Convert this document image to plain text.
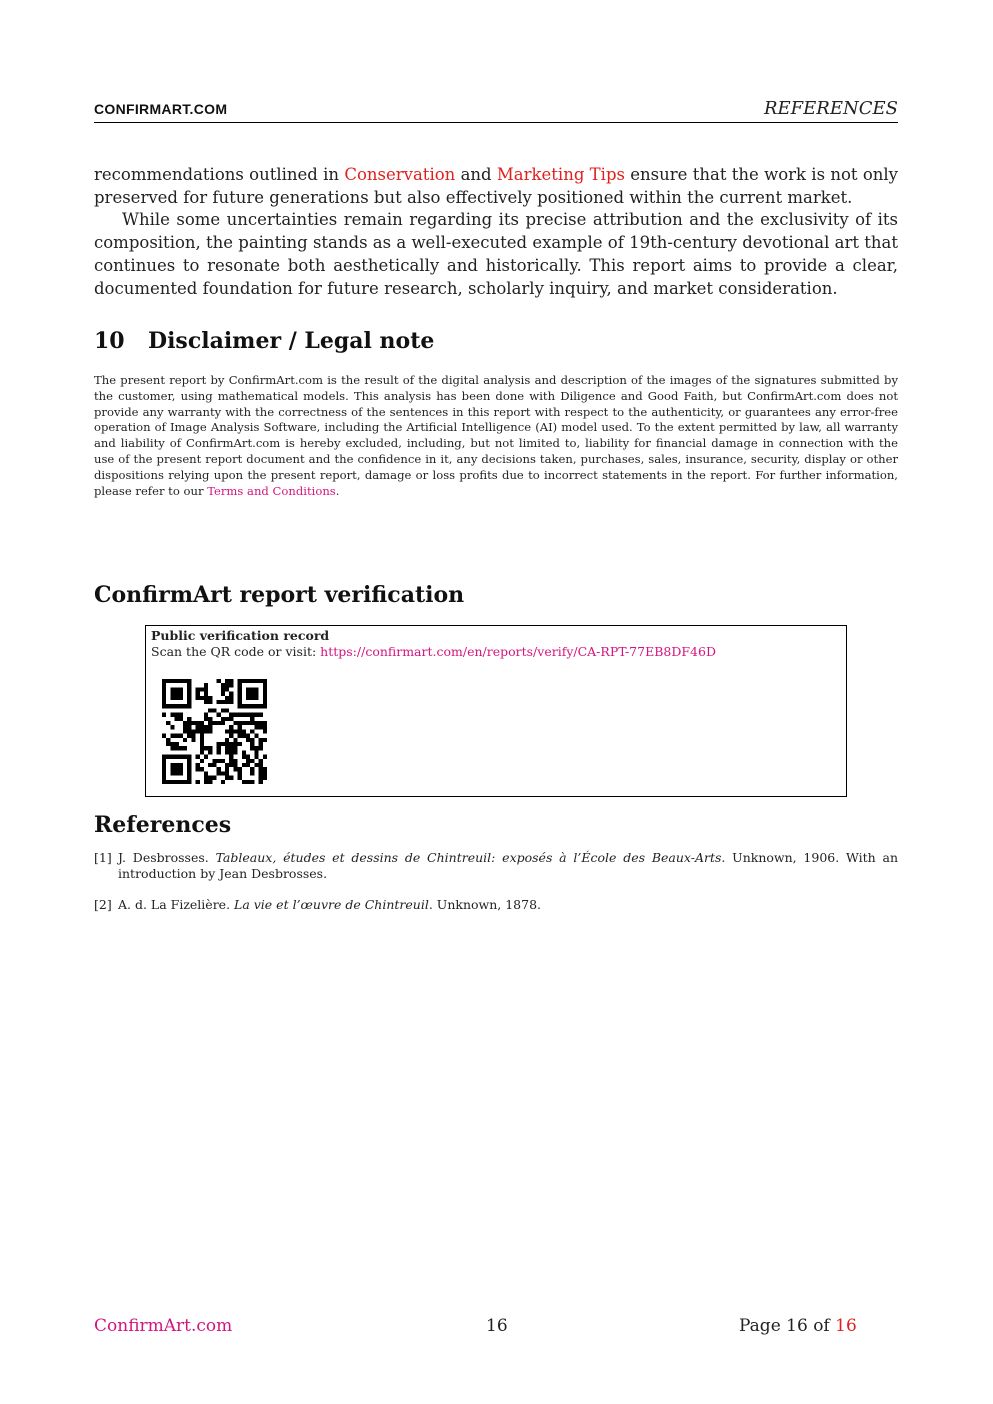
CONFIRMART.COM	REFERENCES

recommendations outlined in Conservation and Marketing Tips ensure that the work is not only preserved for future generations but also effectively positioned within the current market.

While some uncertainties remain regarding its precise attribution and the exclusivity of its composition, the painting stands as a well-executed example of 19th-century devotional art that continues to resonate both aesthetically and historically. This report aims to provide a clear, documented foundation for future research, scholarly inquiry, and market consideration.

10 Disclaimer / Legal note

The present report by ConfirmArt.com is the result of the digital analysis and description of the images of the signatures submitted by the customer, using mathematical models. This analysis has been done with Diligence and Good Faith, but ConfirmArt.com does not provide any warranty with the correctness of the sentences in this report with respect to the authenticity, or guarantees any error-free operation of Image Analysis Software, including the Artificial Intelligence (AI) model used. To the extent permitted by law, all warranty and liability of ConfirmArt.com is hereby excluded, including, but not limited to, liability for financial damage in connection with the use of the present report document and the confidence in it, any decisions taken, purchases, sales, insurance, security, display or other dispositions relying upon the present report, damage or loss profits due to incorrect statements in the report. For further information, please refer to our Terms and Conditions.

ConfirmArt report verification
Public verification record
Scan the QR code or visit: https://confirmart.com/en/reports/verify/CA-RPT-77EB8DF46D
References
[1] J. Desbrosses. Tableaux, études et dessins de Chintreuil: exposés à l’École des Beaux-Arts. Unknown, 1906. With an introduction by Jean Desbrosses.
[2] A. d. La Fizelière. La vie et l’œuvre de Chintreuil. Unknown, 1878.
ConfirmArt.com	16	Page 16 of 16
